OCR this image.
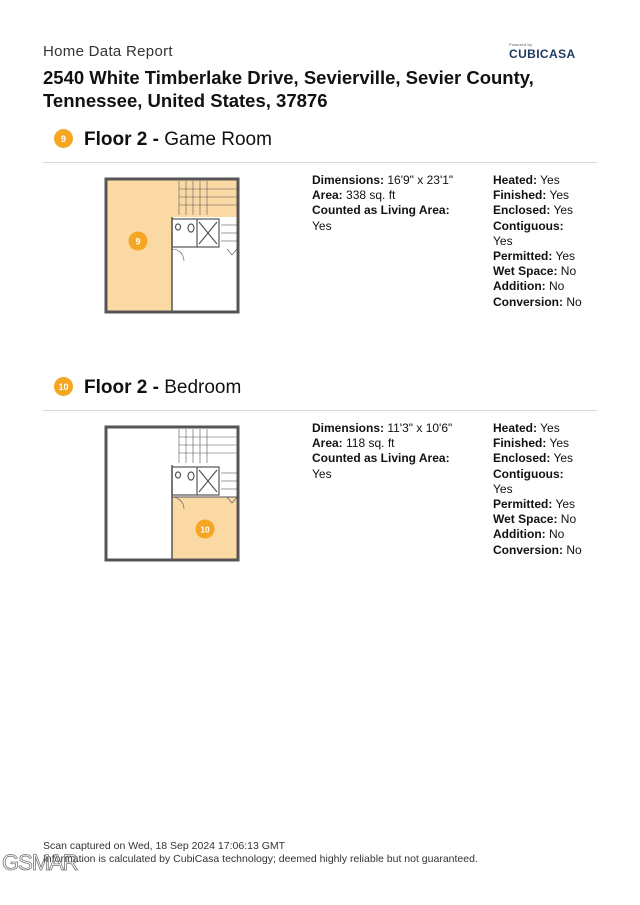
Home Data Report	Powered by
CUBICASA
2540 White Timberlake Drive, Sevierville, Sevier County, Tennessee, United States, 37876
9 Floor 2 - Game Room
9
Dimensions: 16'9" x 23'1"
Area: 338 sq. ft
Counted as Living Area:
Yes
Heated: Yes
Finished: Yes
Enclosed: Yes
Contiguous:
Yes
Permitted: Yes
Wet Space: No
Addition: No
Conversion: No
10 Floor 2 - Bedroom
10
Dimensions: 11'3" x 10'6"
Area: 118 sq. ft
Counted as Living Area:
Yes
Heated: Yes
Finished: Yes
Enclosed: Yes
Contiguous:
Yes
Permitted: Yes
Wet Space: No
Addition: No
Conversion: No
Scan captured on Wed, 18 Sep 2024 17:06:13 GMT
Information is calculated by CubiCasa technology; deemed highly reliable but not guaranteed.
GSMAR
